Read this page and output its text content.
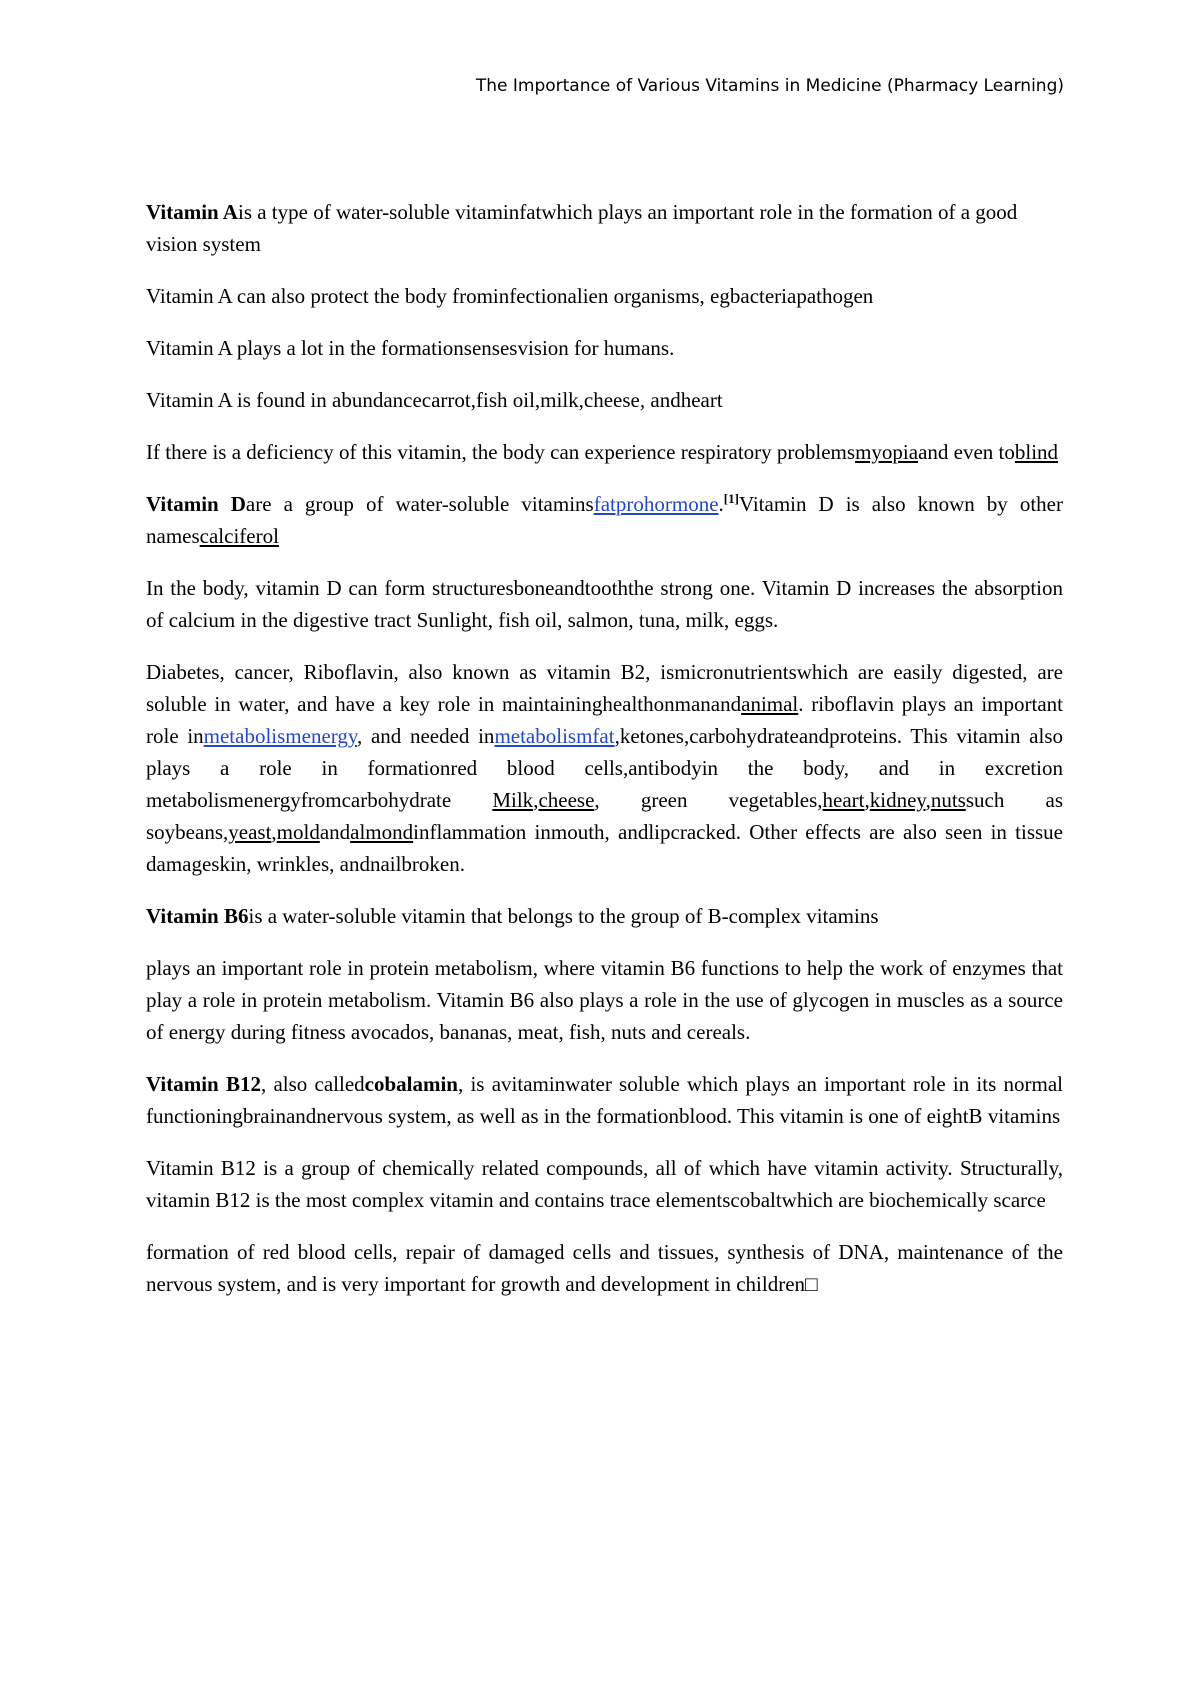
The Importance of Various Vitamins in Medicine (Pharmacy Learning)

Vitamin Ais a type of water-soluble vitaminfatwhich plays an important role in the formation of a good vision system

Vitamin A can also protect the body frominfectionalien organisms, egbacteriapathogen

Vitamin A plays a lot in the formationsensesvision for humans.

Vitamin A is found in abundancecarrot,fish oil,milk,cheese, andheart

If there is a deficiency of this vitamin, the body can experience respiratory problemsmyopiaand even toblind

Vitamin Dare a group of water-soluble vitaminsfatprohormone.[1]Vitamin D is also known by other namescalciferol

In the body, vitamin D can form structuresboneandtooththe strong one. Vitamin D increases the absorption of calcium in the digestive tract Sunlight, fish oil, salmon, tuna, milk, eggs.

Diabetes, cancer, Riboflavin, also known as vitamin B2, ismicronutrientswhich are easily digested, are soluble in water, and have a key role in maintaininghealthonmanandanimal. riboflavin plays an important role inmetabolismenergy, and needed inmetabolismfat,ketones,carbohydrateandproteins. This vitamin also plays a role in formationred blood cells,antibodyin the body, and in excretion metabolismenergyfromcarbohydrate Milk,cheese, green vegetables,heart,kidney,nutssuch as soybeans,yeast,moldandalmondinflammation inmouth, andlipcracked. Other effects are also seen in tissue damageskin, wrinkles, andnailbroken.

Vitamin B6is a water-soluble vitamin that belongs to the group of B-complex vitamins

plays an important role in protein metabolism, where vitamin B6 functions to help the work of enzymes that play a role in protein metabolism. Vitamin B6 also plays a role in the use of glycogen in muscles as a source of energy during fitness avocados, bananas, meat, fish, nuts and cereals.

Vitamin B12, also calledcobalamin, is avitaminwater soluble which plays an important role in its normal functioningbrainandnervous system, as well as in the formationblood. This vitamin is one of eightB vitamins

Vitamin B12 is a group of chemically related compounds, all of which have vitamin activity. Structurally, vitamin B12 is the most complex vitamin and contains trace elementscobaltwhich are biochemically scarce

formation of red blood cells, repair of damaged cells and tissues, synthesis of DNA, maintenance of the nervous system, and is very important for growth and development in children□
